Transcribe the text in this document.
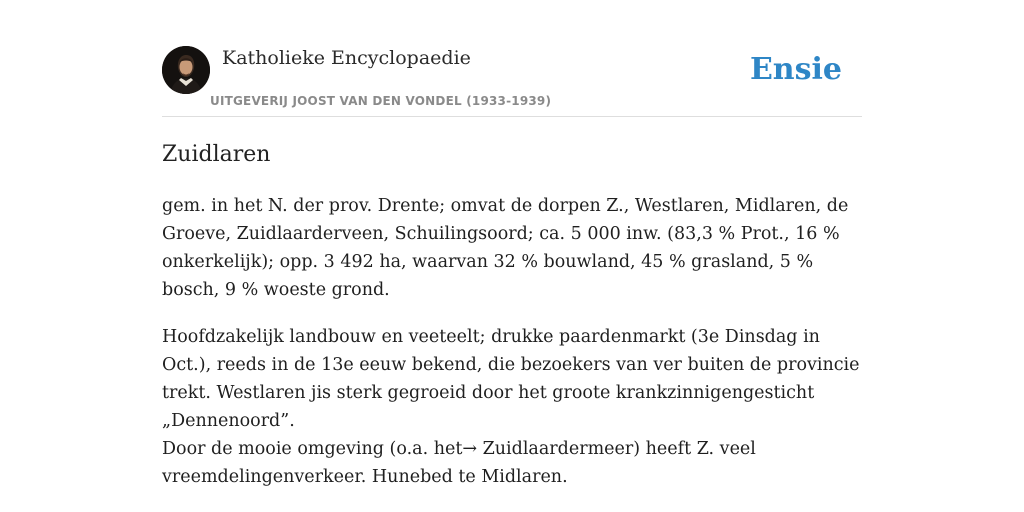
Katholieke Encyclopaedie
UITGEVERIJ JOOST VAN DEN VONDEL (1933-1939)
Ensie
Zuidlaren

gem. in het N. der prov. Drente; omvat de dorpen Z., Westlaren, Midlaren, de Groeve, Zuidlaarderveen, Schuilingsoord; ca. 5 000 inw. (83,3 % Prot., 16 % onkerkelijk); opp. 3 492 ha, waarvan 32 % bouwland, 45 % grasland, 5 % bosch, 9 % woeste grond.

Hoofdzakelijk landbouw en veeteelt; drukke paardenmarkt (3e Dinsdag in Oct.), reeds in de 13e eeuw bekend, die bezoekers van ver buiten de provincie trekt. Westlaren jis sterk gegroeid door het groote krankzinnigengesticht „Dennenoord”.

Door de mooie omgeving (o.a. het→ Zuidlaardermeer) heeft Z. veel vreemdelingenverkeer. Hunebed te Midlaren.
